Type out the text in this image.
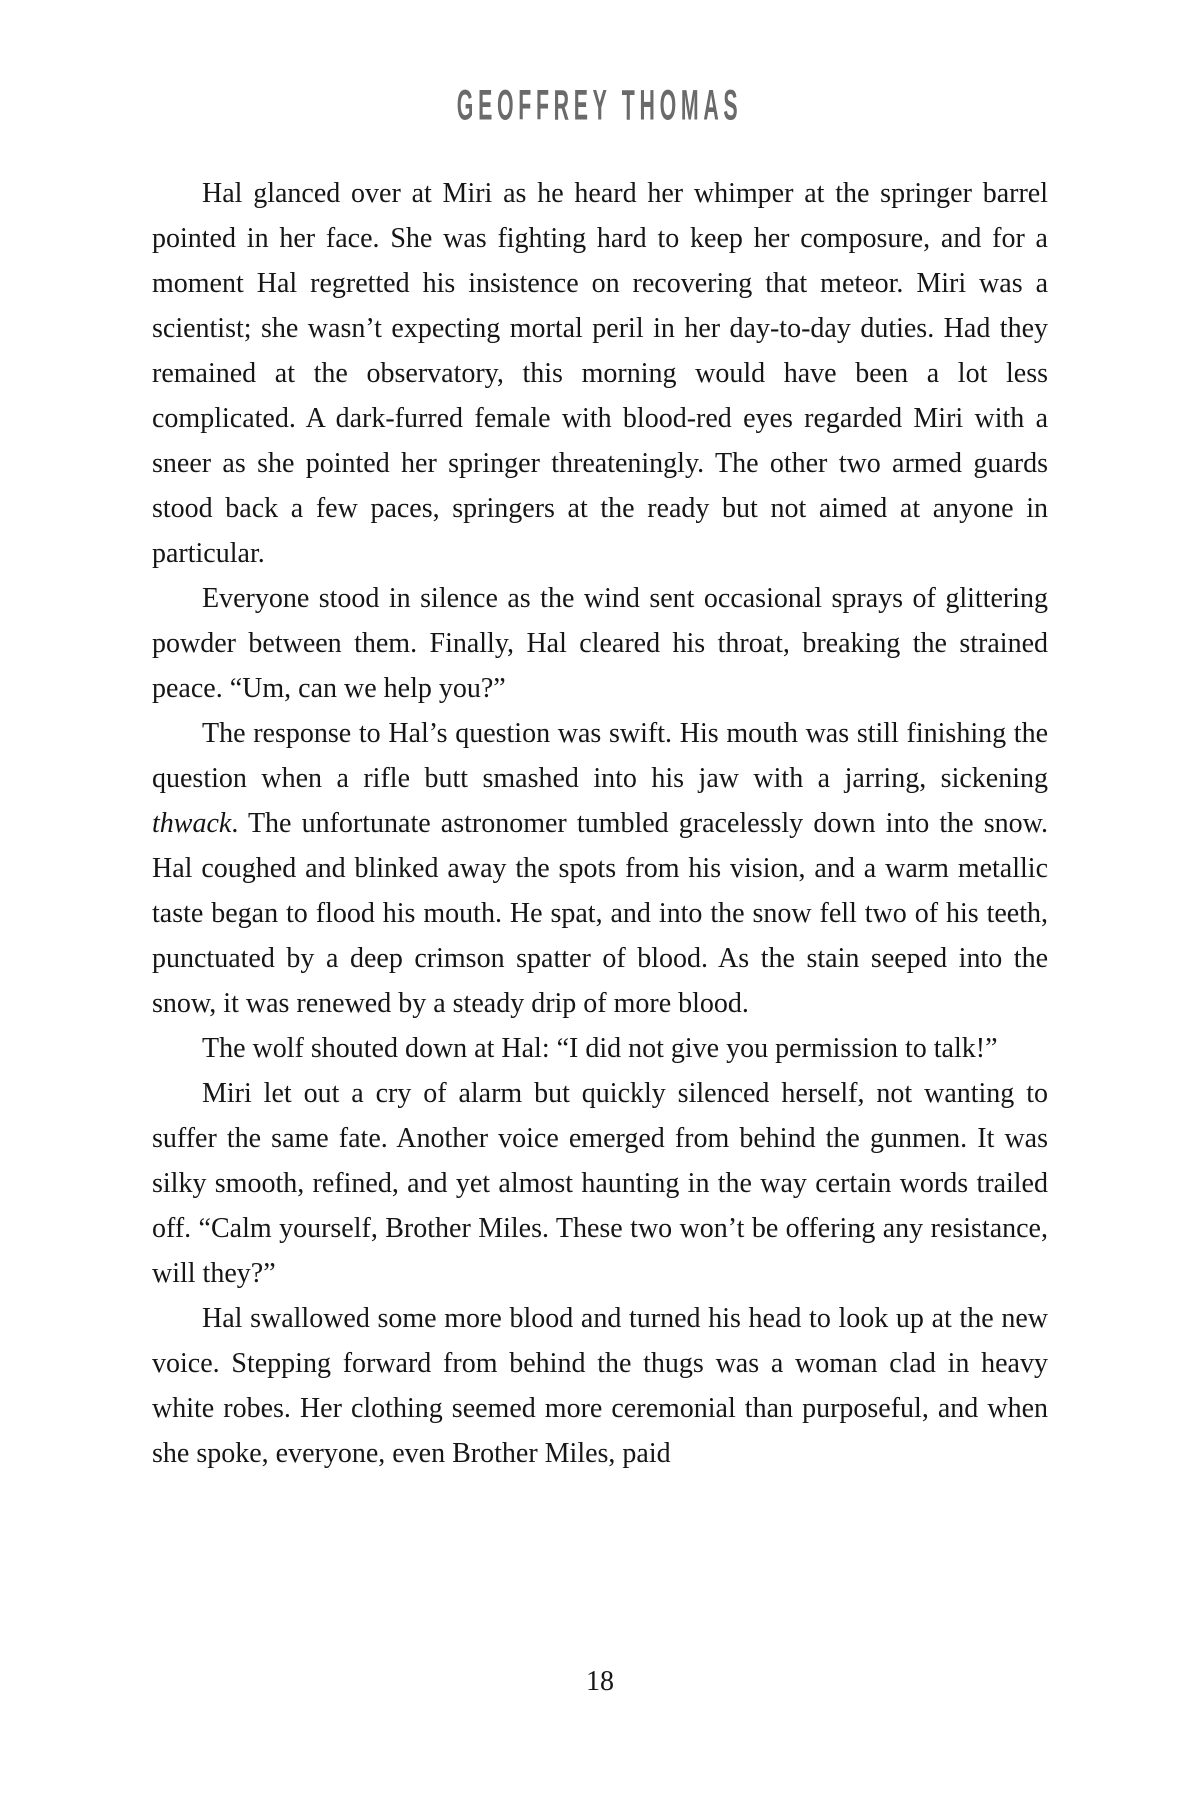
GEOFFREY THOMAS

Hal glanced over at Miri as he heard her whimper at the springer barrel pointed in her face. She was fighting hard to keep her composure, and for a moment Hal regretted his insistence on recovering that meteor. Miri was a scientist; she wasn’t expecting mortal peril in her day-to-day duties. Had they remained at the observatory, this morning would have been a lot less complicated. A dark-furred female with blood-red eyes regarded Miri with a sneer as she pointed her springer threateningly. The other two armed guards stood back a few paces, springers at the ready but not aimed at anyone in particular.

Everyone stood in silence as the wind sent occasional sprays of glittering powder between them. Finally, Hal cleared his throat, breaking the strained peace. “Um, can we help you?”

The response to Hal’s question was swift. His mouth was still finishing the question when a rifle butt smashed into his jaw with a jarring, sickening thwack. The unfortunate astronomer tumbled gracelessly down into the snow. Hal coughed and blinked away the spots from his vision, and a warm metallic taste began to flood his mouth. He spat, and into the snow fell two of his teeth, punctuated by a deep crimson spatter of blood. As the stain seeped into the snow, it was renewed by a steady drip of more blood.

The wolf shouted down at Hal: “I did not give you permission to talk!”

Miri let out a cry of alarm but quickly silenced herself, not wanting to suffer the same fate. Another voice emerged from behind the gunmen. It was silky smooth, refined, and yet almost haunting in the way certain words trailed off. “Calm yourself, Brother Miles. These two won’t be offering any resistance, will they?”

Hal swallowed some more blood and turned his head to look up at the new voice. Stepping forward from behind the thugs was a woman clad in heavy white robes. Her clothing seemed more ceremonial than purposeful, and when she spoke, everyone, even Brother Miles, paid

18
